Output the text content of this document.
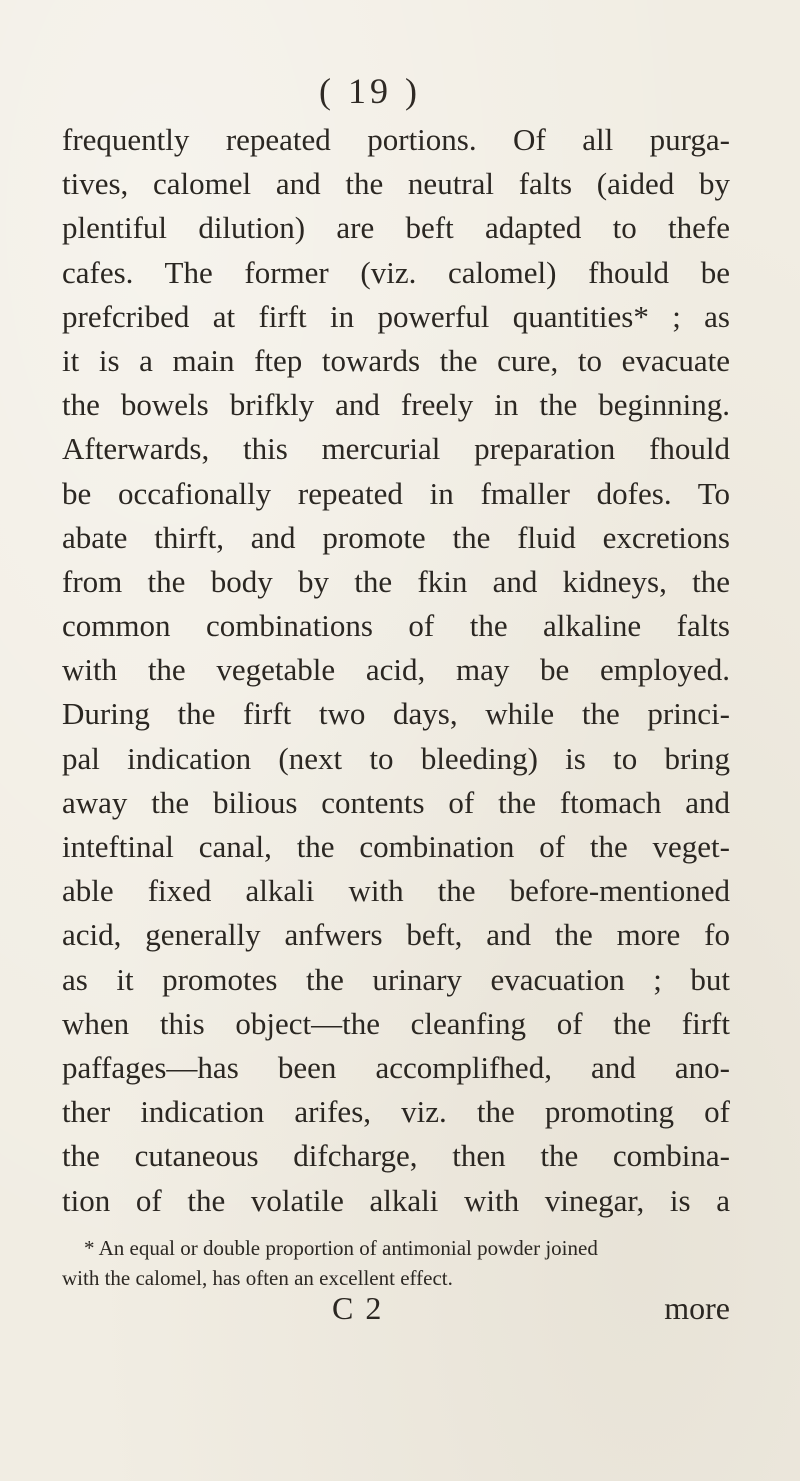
( 19 )
frequently repeated portions. Of all purga-
tives, calomel and the neutral falts (aided by
plentiful dilution) are beft adapted to thefe
cafes. The former (viz. calomel) fhould be
prefcribed at firft in powerful quantities* ; as
it is a main ftep towards the cure, to evacuate
the bowels brifkly and freely in the beginning.
Afterwards, this mercurial preparation fhould
be occafionally repeated in fmaller dofes. To
abate thirft, and promote the fluid excretions
from the body by the fkin and kidneys, the
common combinations of the alkaline falts
with the vegetable acid, may be employed.
During the firft two days, while the princi-
pal indication (next to bleeding) is to bring
away the bilious contents of the ftomach and
inteftinal canal, the combination of the veget-
able fixed alkali with the before-mentioned
acid, generally anfwers beft, and the more fo
as it promotes the urinary evacuation ; but
when this object—the cleanfing of the firft
paffages—has been accomplifhed, and ano-
ther indication arifes, viz. the promoting of
the cutaneous difcharge, then the combina-
tion of the volatile alkali with vinegar, is a
* An equal or double proportion of antimonial powder joined
with the calomel, has often an excellent effect.
C 2	more
